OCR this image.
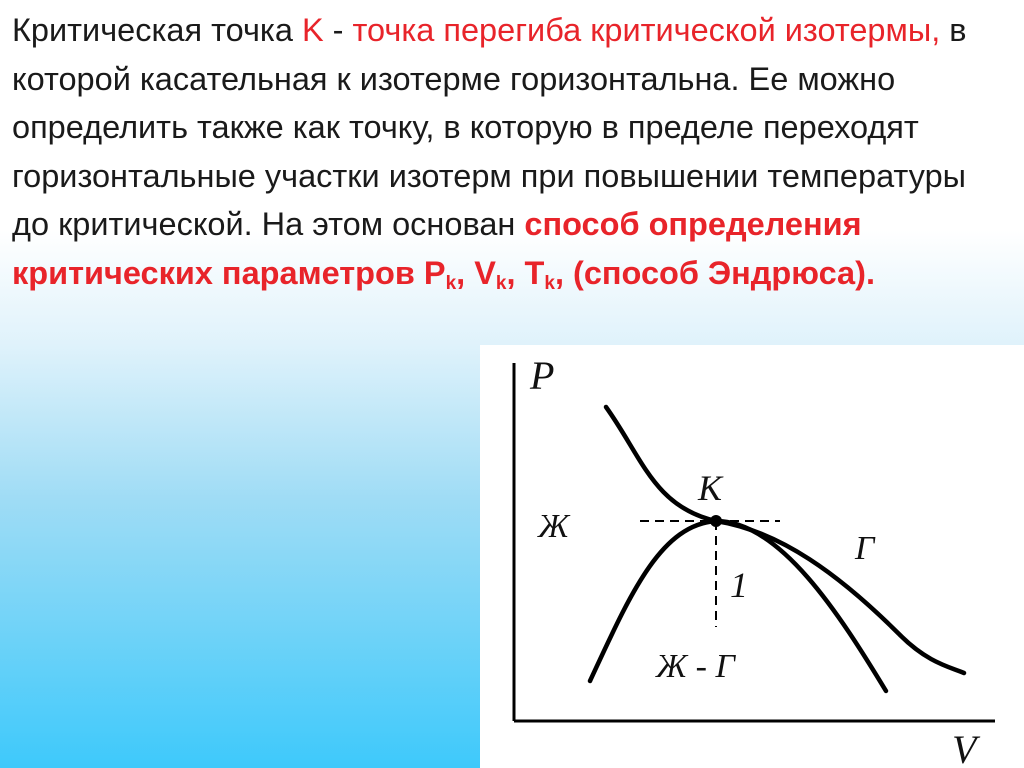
Критическая точка K - точка перегиба критической изотермы, в которой касательная к изотерме горизонтальна. Ее можно определить также как точку, в которую в пределе переходят горизонтальные участки изотерм при повышении температуры до критической. На этом основан способ определения критических параметров $P_k$, $V_k$, $T_k$, (способ Эндрюса).

P
V
K
Ж
Г
Ж - Г
1
